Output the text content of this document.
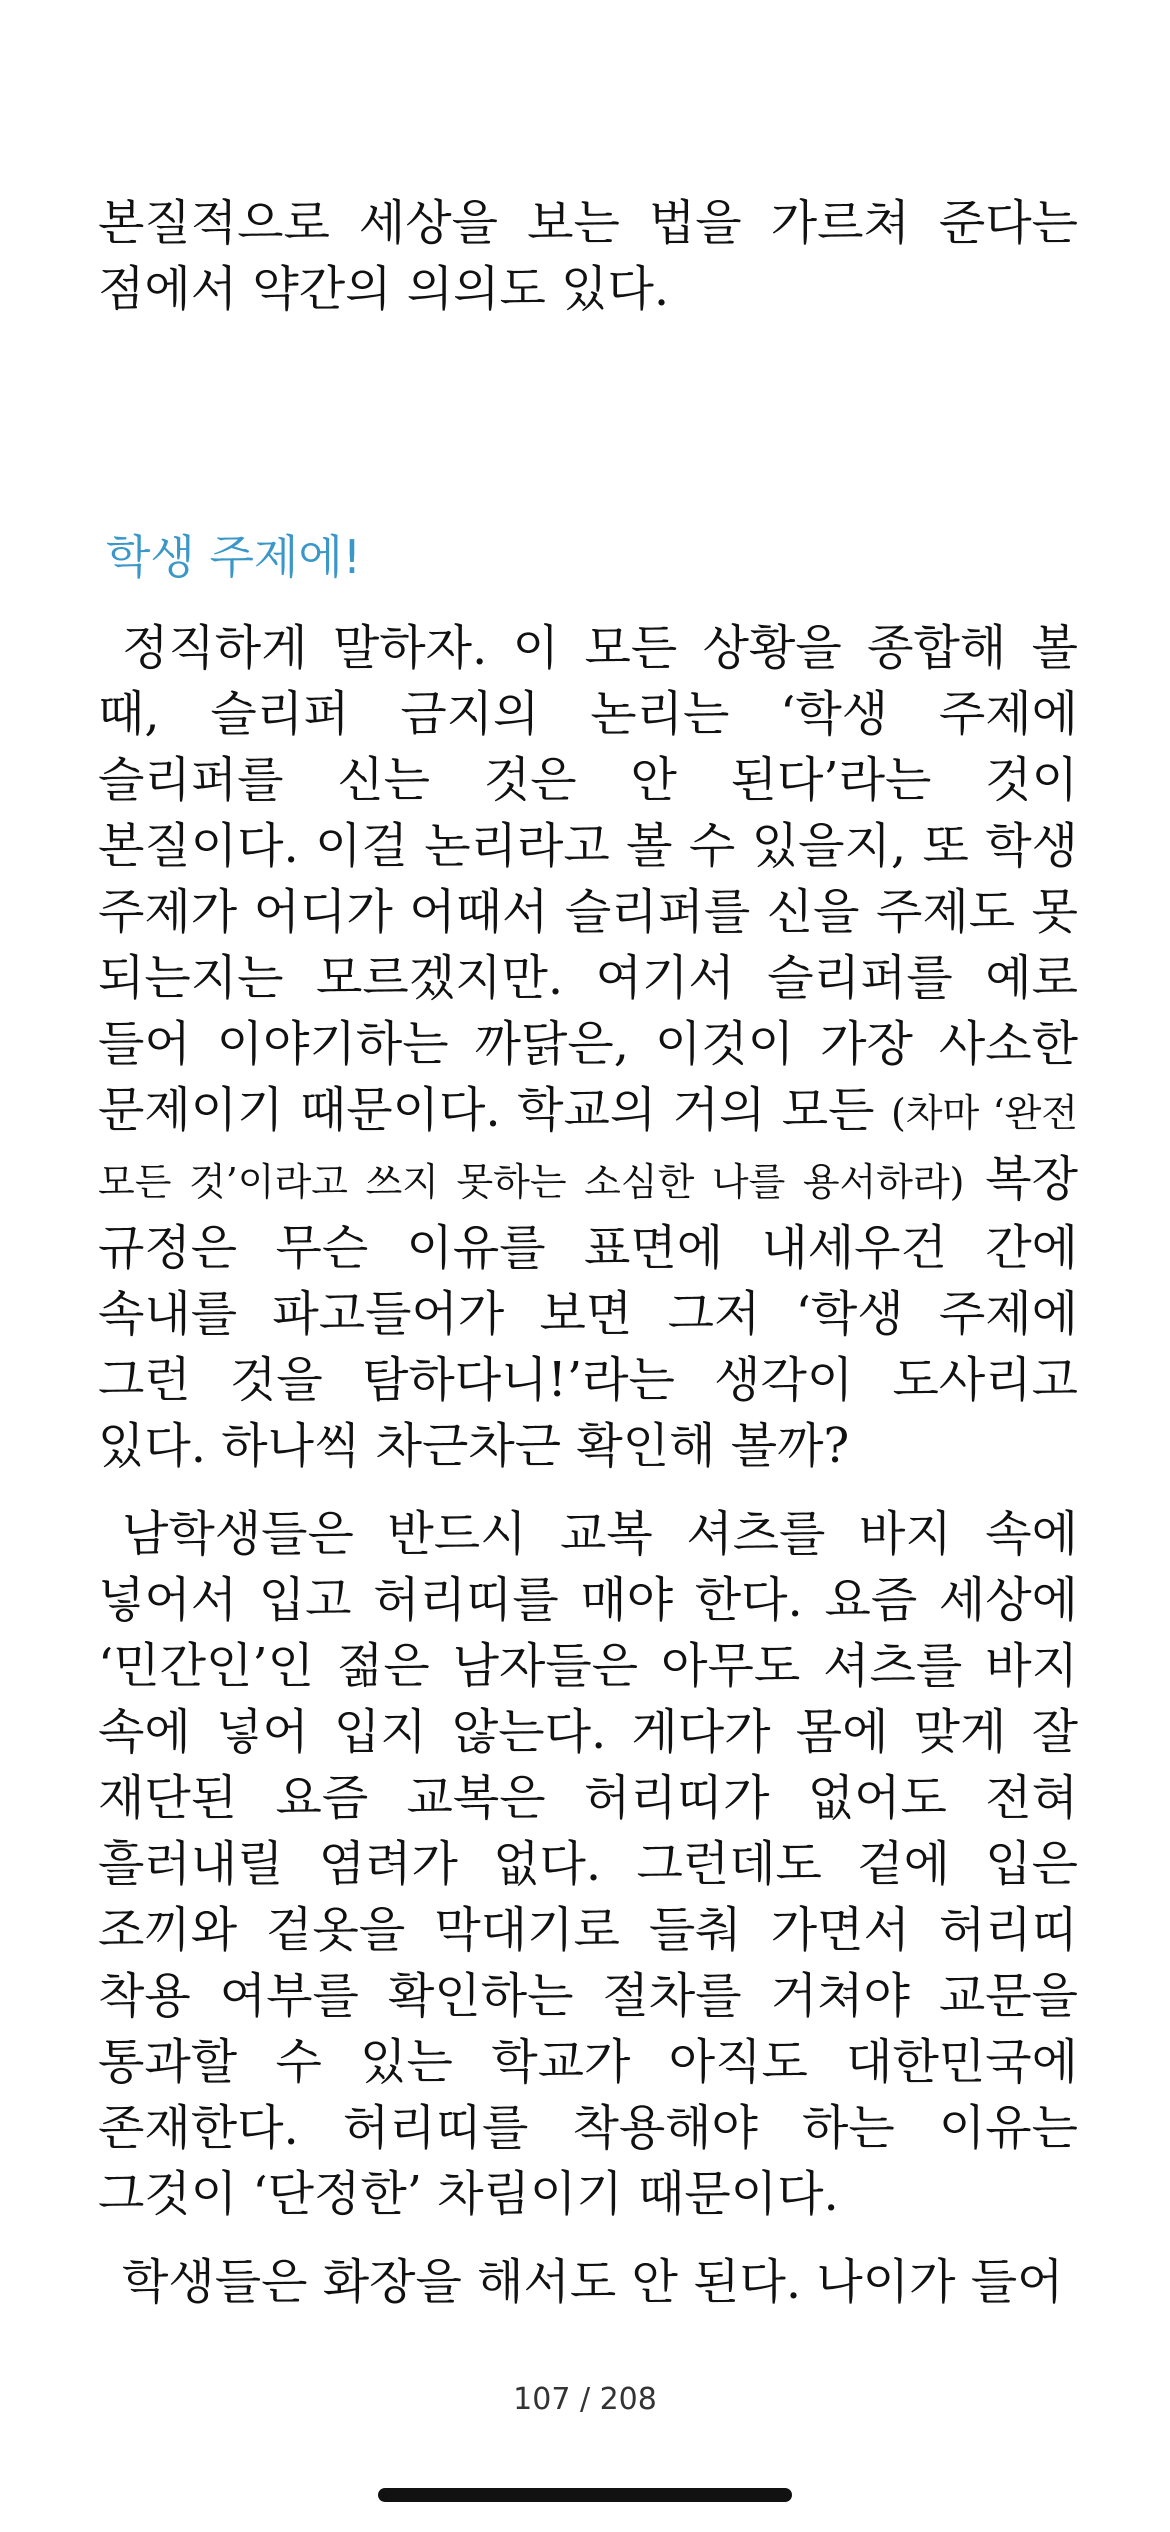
본질적으로 세상을 보는 법을 가르쳐 준다는 점에서 약간의 의의도 있다.

학생 주제에!

정직하게 말하자. 이 모든 상황을 종합해 볼 때, 슬리퍼 금지의 논리는 ‘학생 주제에 슬리퍼를 신는 것은 안 된다’라는 것이 본질이다. 이걸 논리라고 볼 수 있을지, 또 학생 주제가 어디가 어때서 슬리퍼를 신을 주제도 못 되는지는 모르겠지만. 여기서 슬리퍼를 예로 들어 이야기하는 까닭은, 이것이 가장 사소한 문제이기 때문이다. 학교의 거의 모든 (차마 ‘완전 모든 것’이라고 쓰지 못하는 소심한 나를 용서하라) 복장 규정은 무슨 이유를 표면에 내세우건 간에 속내를 파고들어가 보면 그저 ‘학생 주제에 그런 것을 탐하다니!’라는 생각이 도사리고 있다. 하나씩 차근차근 확인해 볼까?

남학생들은 반드시 교복 셔츠를 바지 속에 넣어서 입고 허리띠를 매야 한다. 요즘 세상에 ‘민간인’인 젊은 남자들은 아무도 셔츠를 바지 속에 넣어 입지 않는다. 게다가 몸에 맞게 잘 재단된 요즘 교복은 허리띠가 없어도 전혀 흘러내릴 염려가 없다. 그런데도 겉에 입은 조끼와 겉옷을 막대기로 들춰 가면서 허리띠 착용 여부를 확인하는 절차를 거쳐야 교문을 통과할 수 있는 학교가 아직도 대한민국에 존재한다. 허리띠를 착용해야 하는 이유는 그것이 ‘단정한’ 차림이기 때문이다.

학생들은 화장을 해서도 안 된다. 나이가 들어

107 / 208
